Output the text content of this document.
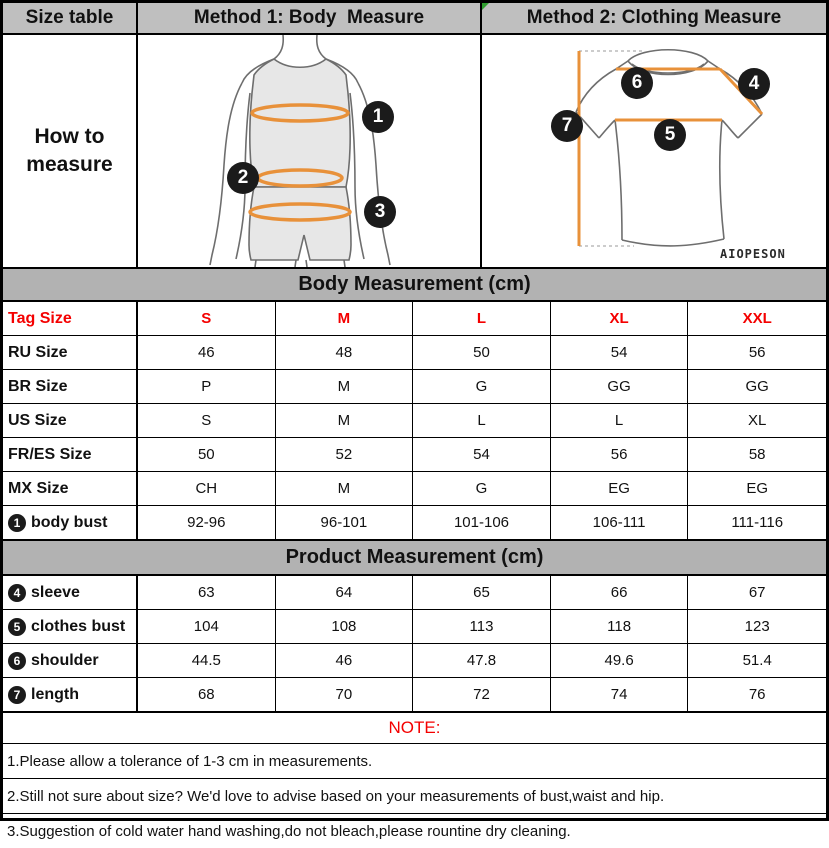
Size table	Method 1: Body  Measure	Method 2: Clothing Measure
How to measure
1
2
3
6	4
7	5
AIOPESON
Body Measurement (cm)
Tag Size	S	M	L	XL	XXL
RU Size	46	48	50	54	56
BR Size	P	M	G	GG	GG
US Size	S	M	L	L	XL
FR/ES Size	50	52	54	56	58
MX Size	CH	M	G	EG	EG
1 body bust	92-96	96-101	101-106	106-111	111-116
Product Measurement (cm)
4 sleeve	63	64	65	66	67
5 clothes bust	104	108	113	118	123
6 shoulder	44.5	46	47.8	49.6	51.4
7 length	68	70	72	74	76
NOTE:
1.Please allow a tolerance of 1-3 cm in measurements.
2.Still not sure about size? We'd love to advise based on your measurements of bust,waist and hip.
3.Suggestion of cold water hand washing,do not bleach,please rountine dry cleaning.
